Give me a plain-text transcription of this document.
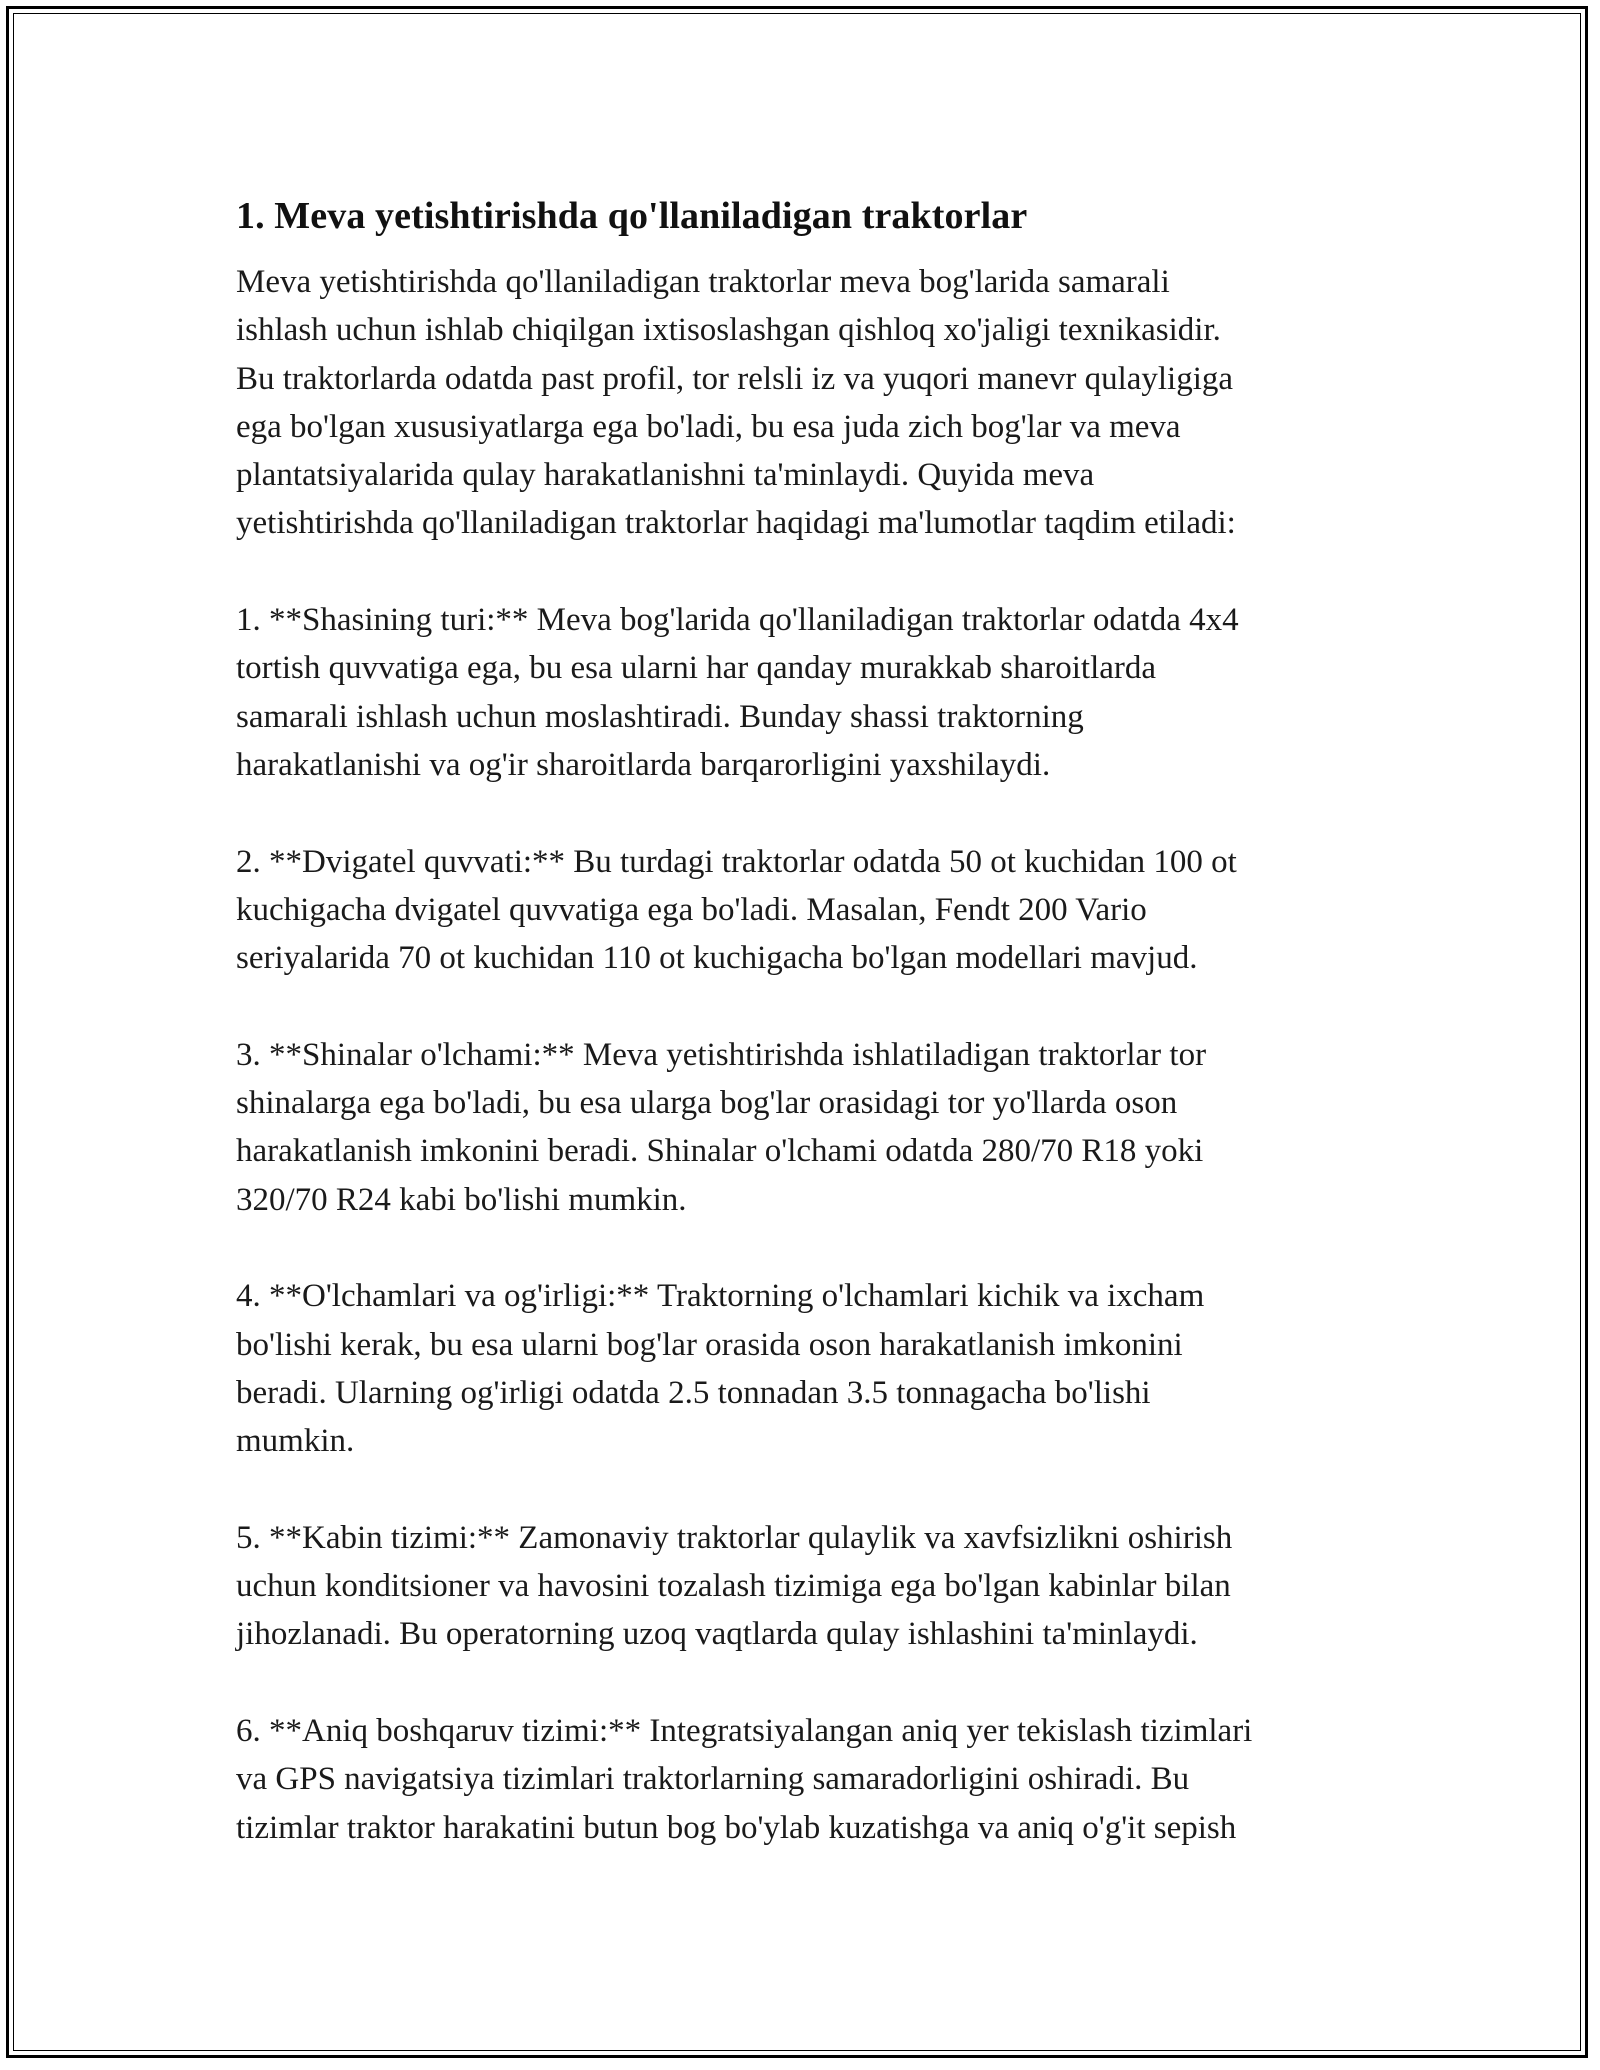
1. Meva yetishtirishda qo'llaniladigan traktorlar

Meva yetishtirishda qo'llaniladigan traktorlar meva bog'larida samarali
ishlash uchun ishlab chiqilgan ixtisoslashgan qishloq xo'jaligi texnikasidir.
Bu traktorlarda odatda past profil, tor relsli iz va yuqori manevr qulayligiga
ega bo'lgan xususiyatlarga ega bo'ladi, bu esa juda zich bog'lar va meva
plantatsiyalarida qulay harakatlanishni ta'minlaydi. Quyida meva
yetishtirishda qo'llaniladigan traktorlar haqidagi ma'lumotlar taqdim etiladi:

1. **Shasining turi:** Meva bog'larida qo'llaniladigan traktorlar odatda 4x4
tortish quvvatiga ega, bu esa ularni har qanday murakkab sharoitlarda
samarali ishlash uchun moslashtiradi. Bunday shassi traktorning
harakatlanishi va og'ir sharoitlarda barqarorligini yaxshilaydi.

2. **Dvigatel quvvati:** Bu turdagi traktorlar odatda 50 ot kuchidan 100 ot
kuchigacha dvigatel quvvatiga ega bo'ladi. Masalan, Fendt 200 Vario
seriyalarida 70 ot kuchidan 110 ot kuchigacha bo'lgan modellari mavjud.

3. **Shinalar o'lchami:** Meva yetishtirishda ishlatiladigan traktorlar tor
shinalarga ega bo'ladi, bu esa ularga bog'lar orasidagi tor yo'llarda oson
harakatlanish imkonini beradi. Shinalar o'lchami odatda 280/70 R18 yoki
320/70 R24 kabi bo'lishi mumkin.

4. **O'lchamlari va og'irligi:** Traktorning o'lchamlari kichik va ixcham
bo'lishi kerak, bu esa ularni bog'lar orasida oson harakatlanish imkonini
beradi. Ularning og'irligi odatda 2.5 tonnadan 3.5 tonnagacha bo'lishi
mumkin.

5. **Kabin tizimi:** Zamonaviy traktorlar qulaylik va xavfsizlikni oshirish
uchun konditsioner va havosini tozalash tizimiga ega bo'lgan kabinlar bilan
jihozlanadi. Bu operatorning uzoq vaqtlarda qulay ishlashini ta'minlaydi.

6. **Aniq boshqaruv tizimi:** Integratsiyalangan aniq yer tekislash tizimlari
va GPS navigatsiya tizimlari traktorlarning samaradorligini oshiradi. Bu
tizimlar traktor harakatini butun bog bo'ylab kuzatishga va aniq o'g'it sepish
